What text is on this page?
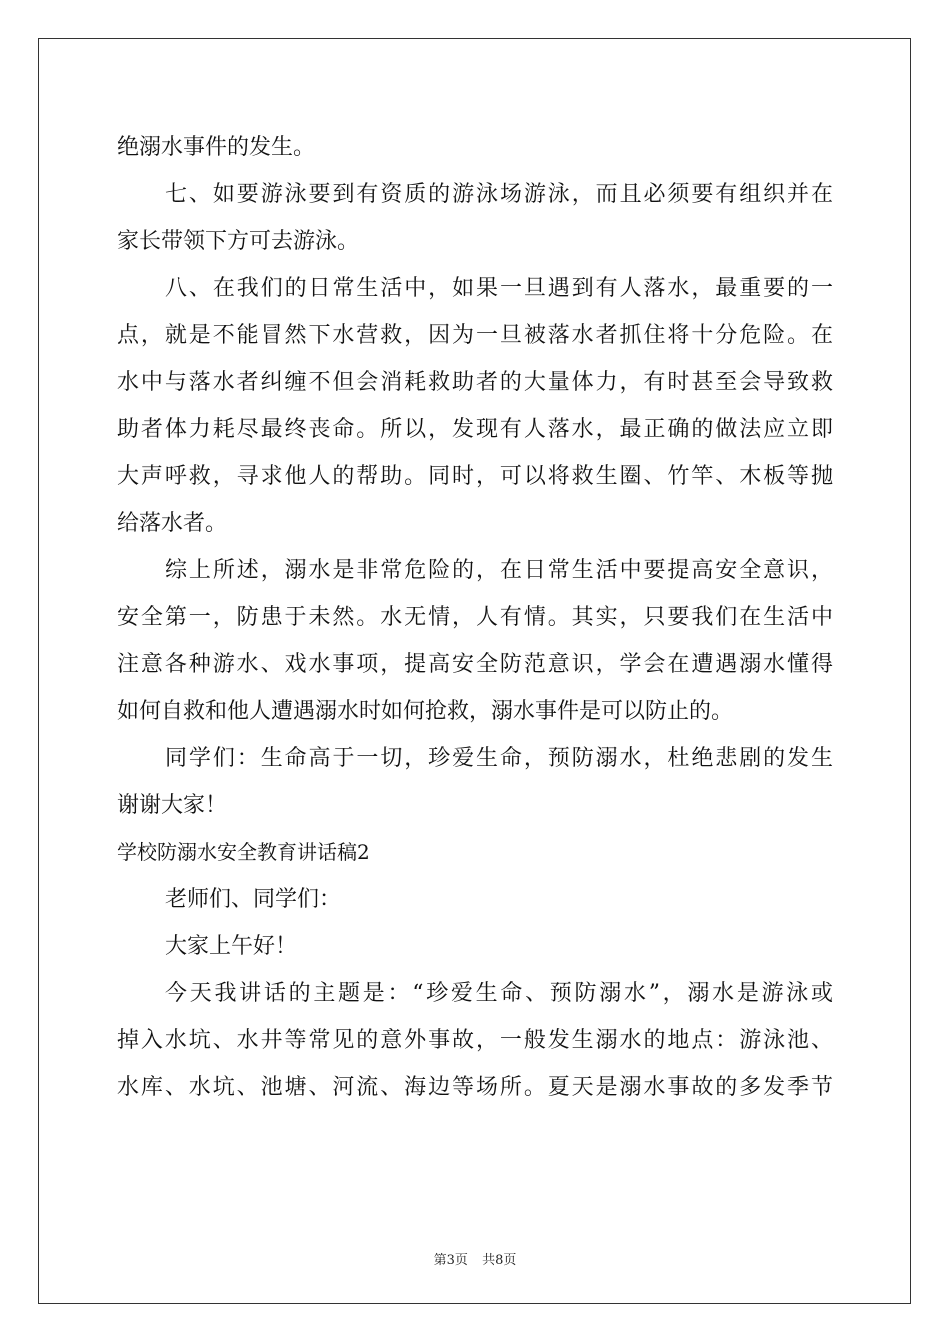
绝溺水事件的发生。
七、如要游泳要到有资质的游泳场游泳，而且必须要有组织并在
家长带领下方可去游泳。
八、在我们的日常生活中，如果一旦遇到有人落水，最重要的一
点，就是不能冒然下水营救，因为一旦被落水者抓住将十分危险。在
水中与落水者纠缠不但会消耗救助者的大量体力，有时甚至会导致救
助者体力耗尽最终丧命。所以，发现有人落水，最正确的做法应立即
大声呼救，寻求他人的帮助。同时，可以将救生圈、竹竿、木板等抛
给落水者。
综上所述，溺水是非常危险的，在日常生活中要提高安全意识，
安全第一，防患于未然。水无情，人有情。其实，只要我们在生活中
注意各种游水、戏水事项，提高安全防范意识，学会在遭遇溺水懂得
如何自救和他人遭遇溺水时如何抢救，溺水事件是可以防止的。
同学们：生命高于一切，珍爱生命，预防溺水，杜绝悲剧的发生
谢谢大家！
学校防溺水安全教育讲话稿2
老师们、同学们：
大家上午好！
今天我讲话的主题是：“珍爱生命、预防溺水”，溺水是游泳或
掉入水坑、水井等常见的意外事故，一般发生溺水的地点：游泳池、
水库、水坑、池塘、河流、海边等场所。夏天是溺水事故的多发季节
第3页 共8页
